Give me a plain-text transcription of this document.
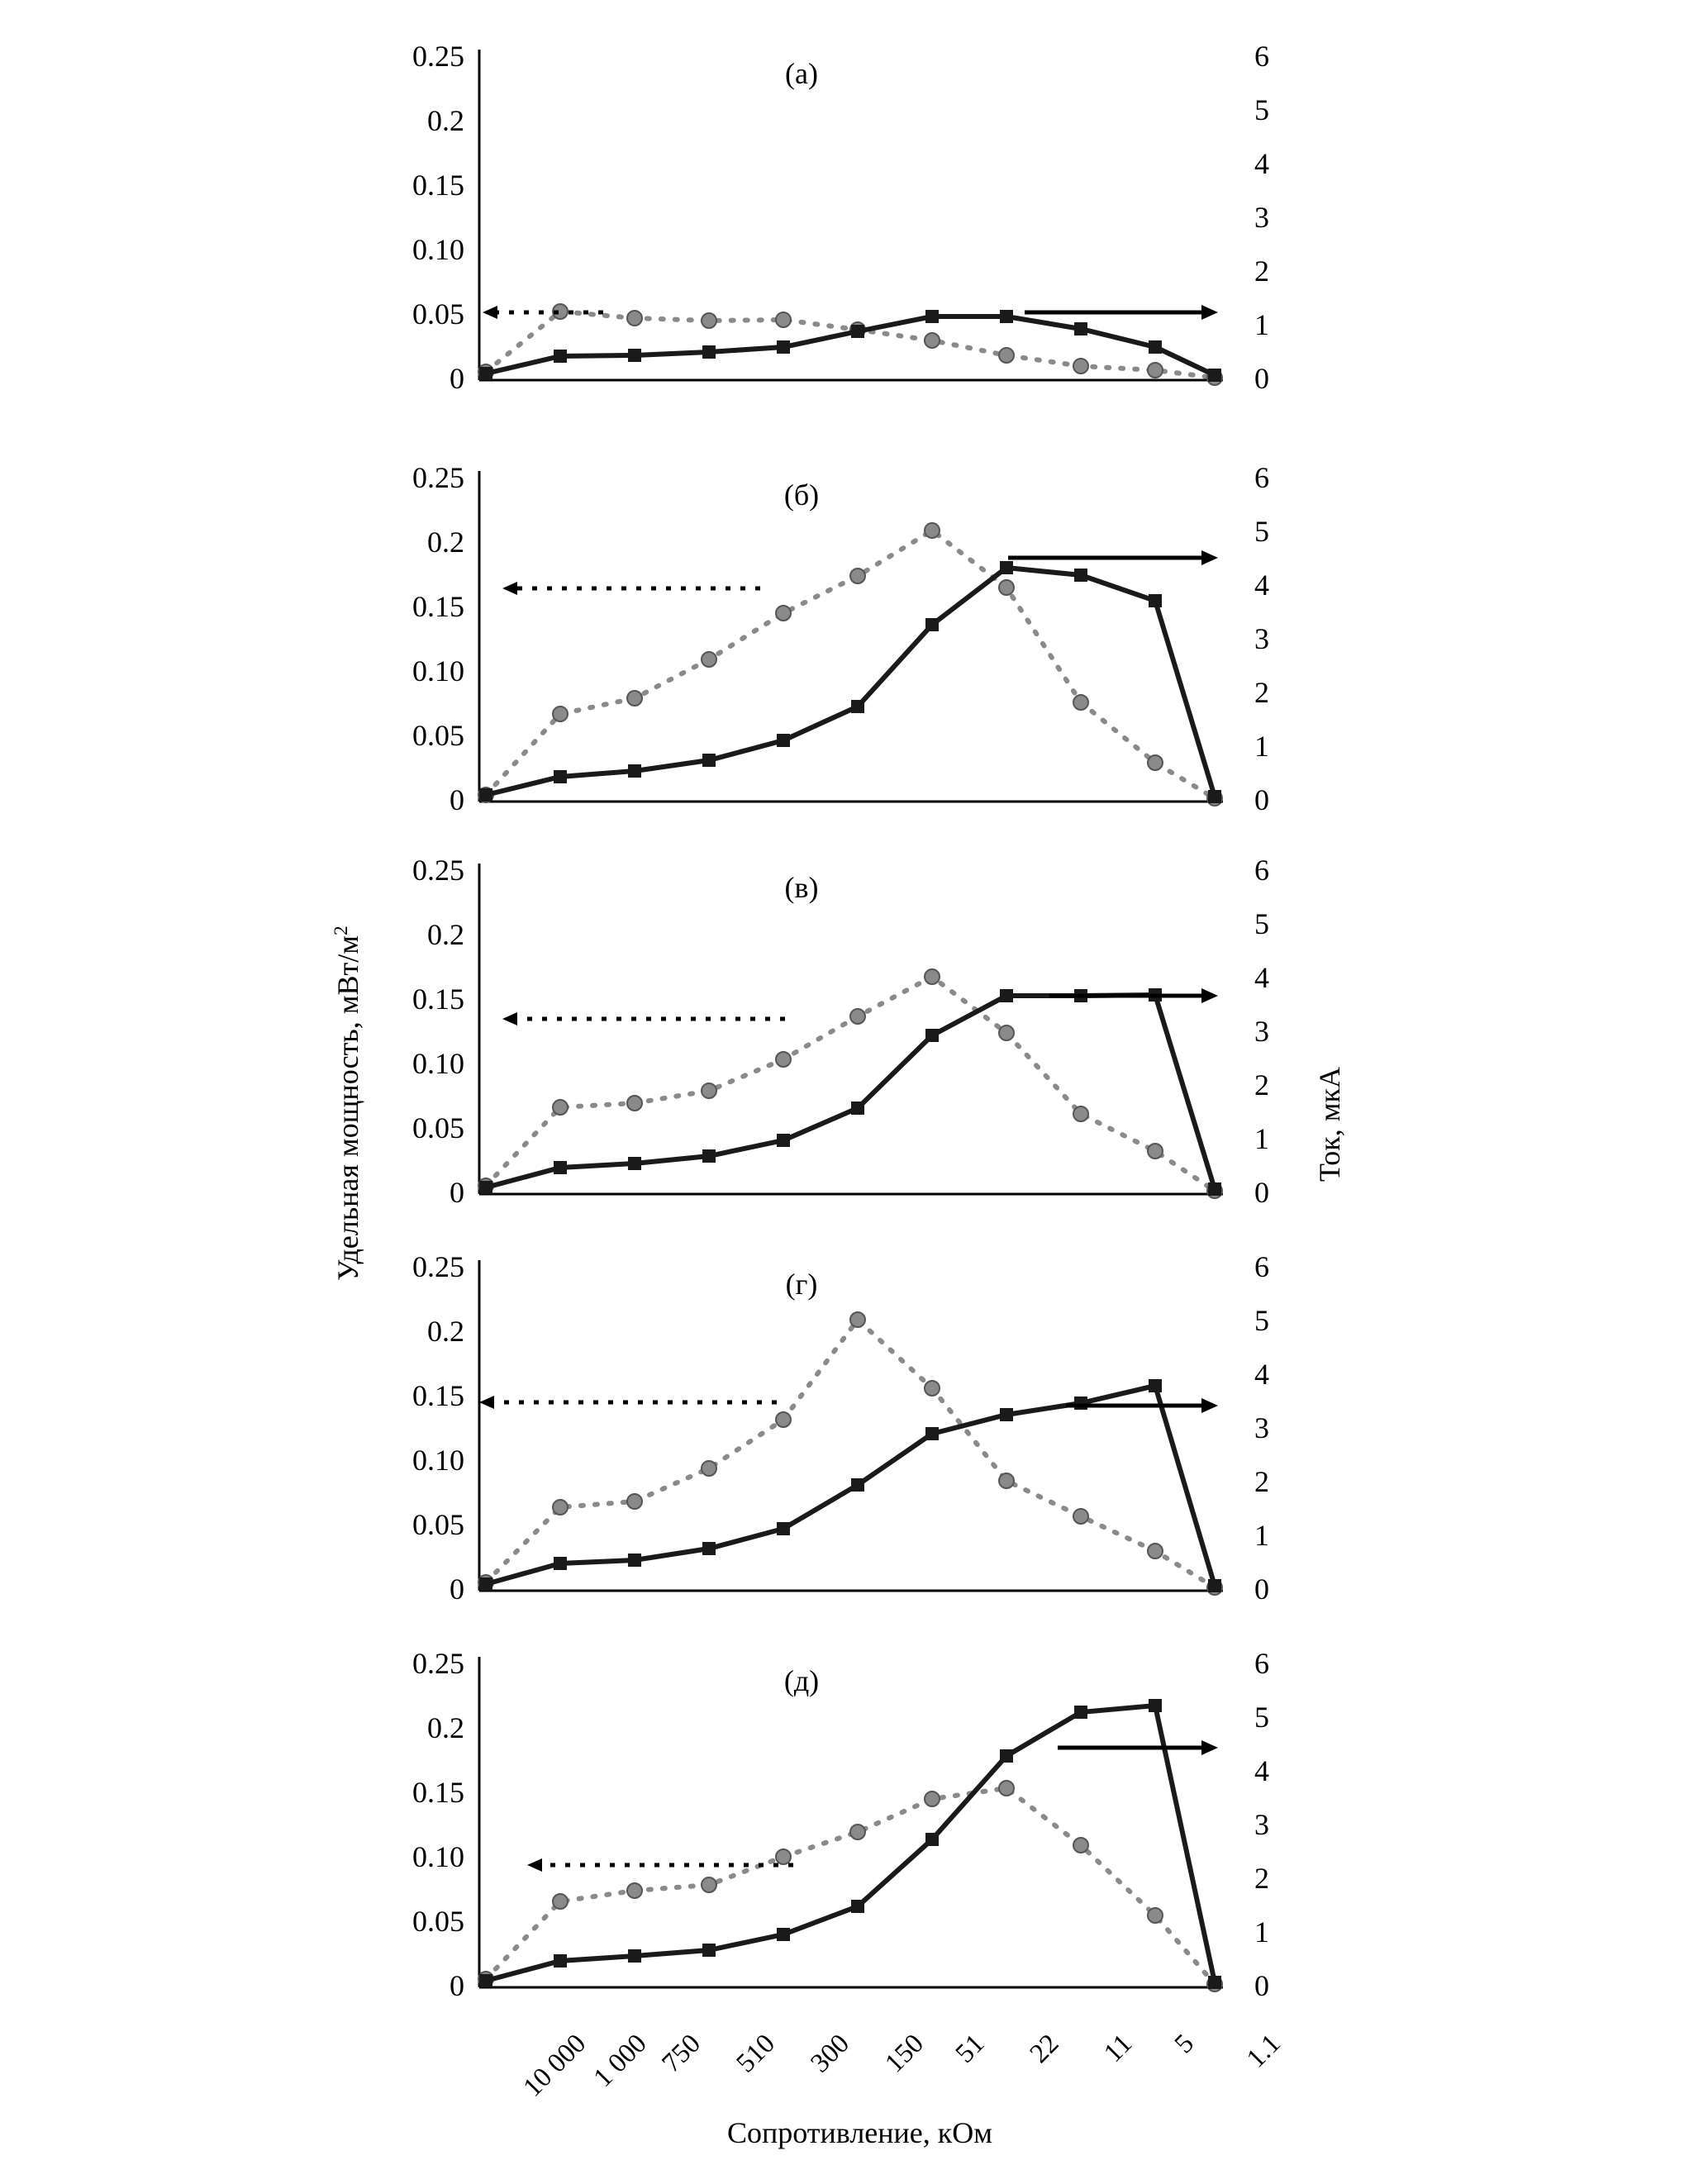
Удельная мощность, мВт/$м^2$
Ток, мкА
Сопротивление, кОм
(а)
0.25
0.2
0.15
0.10
0.05
0
6
5
4
3
2
1
0
(б)
0.25
0.2
0.15
0.10
0.05
0
6
5
4
3
2
1
0
(в)
0.25
0.2
0.15
0.10
0.05
0
6
5
4
3
2
1
0
(г)
0.25
0.2
0.15
0.10
0.05
0
6
5
4
3
2
1
0
(д)
0.25
0.2
0.15
0.10
0.05
0
6
5
4
3
2
1
0
10 000
1 000 750 510 300 150 51 22 11 5 1.1
